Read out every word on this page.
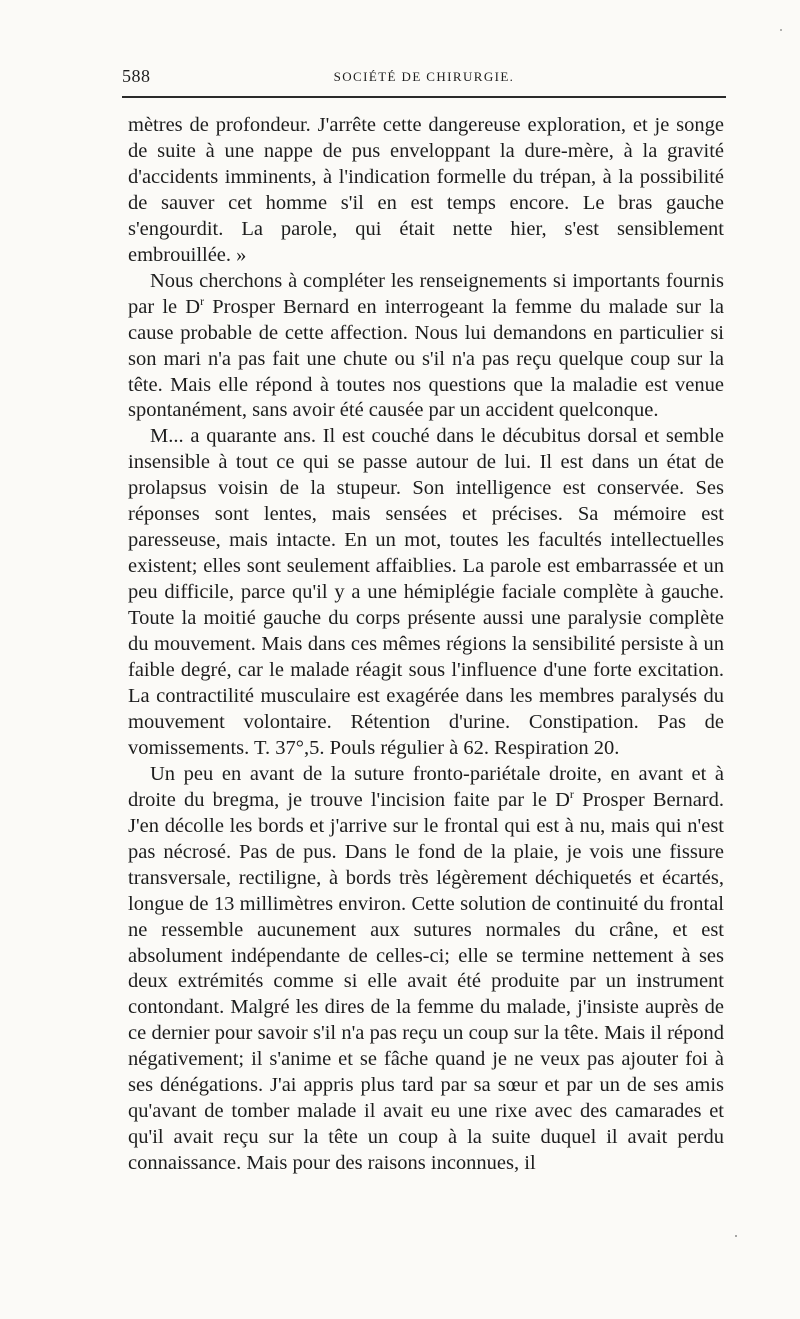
588	SOCIÉTÉ DE CHIRURGIE.

mètres de profondeur. J'arrête cette dangereuse exploration, et je songe de suite à une nappe de pus enveloppant la dure-mère, à la gravité d'accidents imminents, à l'indication formelle du trépan, à la possibilité de sauver cet homme s'il en est temps encore. Le bras gauche s'engourdit. La parole, qui était nette hier, s'est sensiblement embrouillée. »

Nous cherchons à compléter les renseignements si importants fournis par le $D^r$ Prosper Bernard en interrogeant la femme du malade sur la cause probable de cette affection. Nous lui demandons en particulier si son mari n'a pas fait une chute ou s'il n'a pas reçu quelque coup sur la tête. Mais elle répond à toutes nos questions que la maladie est venue spontanément, sans avoir été causée par un accident quelconque.

M... a quarante ans. Il est couché dans le décubitus dorsal et semble insensible à tout ce qui se passe autour de lui. Il est dans un état de prolapsus voisin de la stupeur. Son intelligence est conservée. Ses réponses sont lentes, mais sensées et précises. Sa mémoire est paresseuse, mais intacte. En un mot, toutes les facultés intellectuelles existent; elles sont seulement affaiblies. La parole est embarrassée et un peu difficile, parce qu'il y a une hémiplégie faciale complète à gauche. Toute la moitié gauche du corps présente aussi une paralysie complète du mouvement. Mais dans ces mêmes régions la sensibilité persiste à un faible degré, car le malade réagit sous l'influence d'une forte excitation. La contractilité musculaire est exagérée dans les membres paralysés du mouvement volontaire. Rétention d'urine. Constipation. Pas de vomissements. T. 37°,5. Pouls régulier à 62. Respiration 20.

Un peu en avant de la suture fronto-pariétale droite, en avant et à droite du bregma, je trouve l'incision faite par le $D^r$ Prosper Bernard. J'en décolle les bords et j'arrive sur le frontal qui est à nu, mais qui n'est pas nécrosé. Pas de pus. Dans le fond de la plaie, je vois une fissure transversale, rectiligne, à bords très légèrement déchiquetés et écartés, longue de 13 millimètres environ. Cette solution de continuité du frontal ne ressemble aucunement aux sutures normales du crâne, et est absolument indépendante de celles-ci; elle se termine nettement à ses deux extrémités comme si elle avait été produite par un instrument contondant. Malgré les dires de la femme du malade, j'insiste auprès de ce dernier pour savoir s'il n'a pas reçu un coup sur la tête. Mais il répond négativement; il s'anime et se fâche quand je ne veux pas ajouter foi à ses dénégations. J'ai appris plus tard par sa sœur et par un de ses amis qu'avant de tomber malade il avait eu une rixe avec des camarades et qu'il avait reçu sur la tête un coup à la suite duquel il avait perdu connaissance. Mais pour des raisons inconnues, il
